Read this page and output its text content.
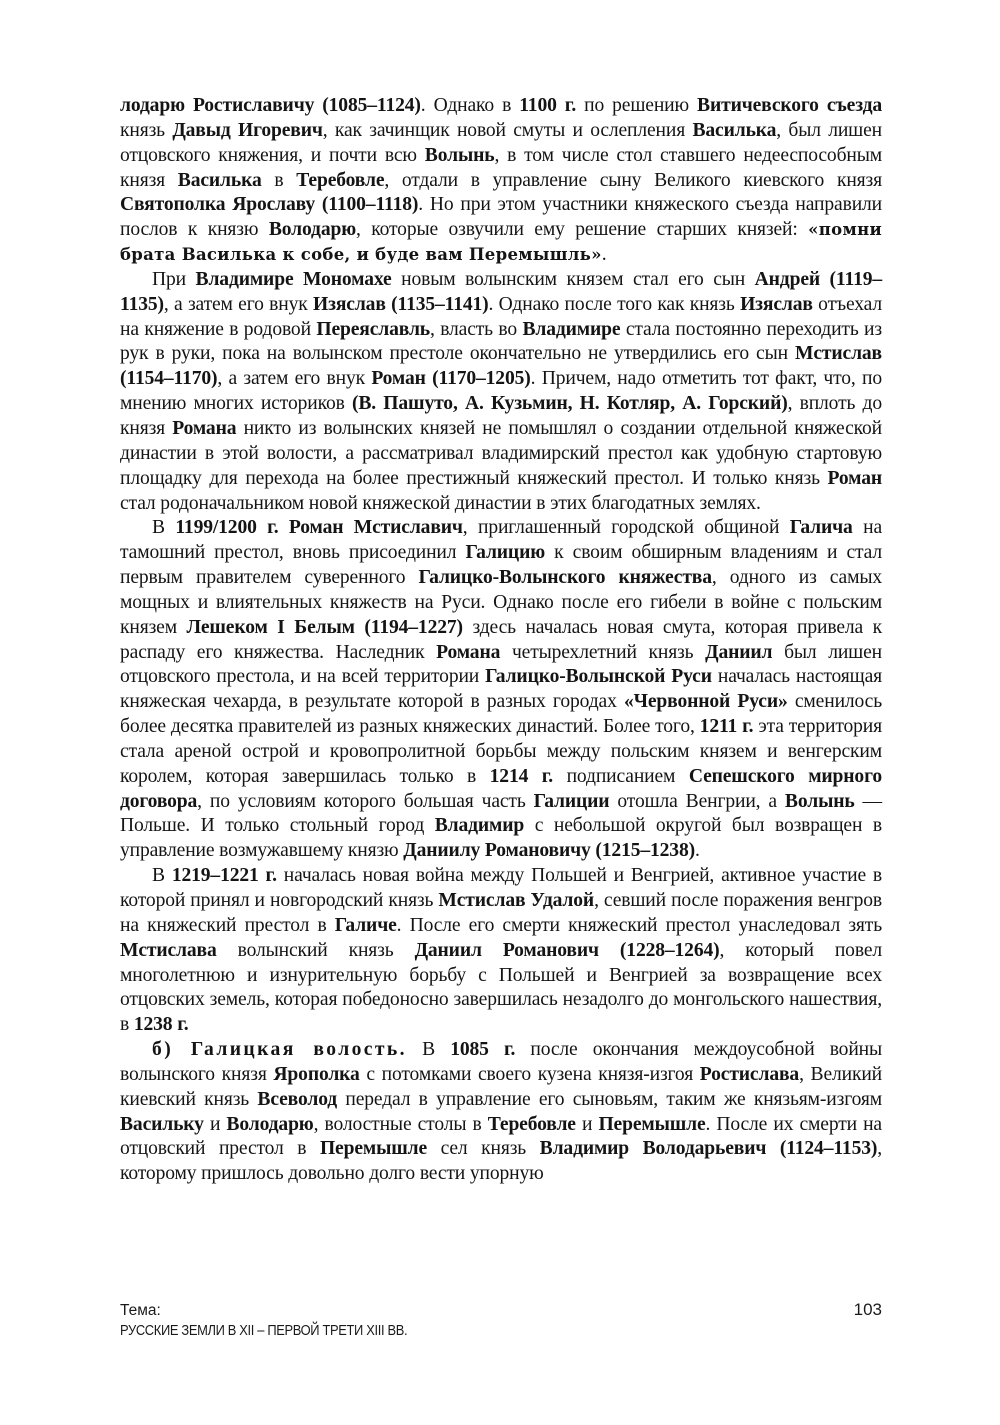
лодарю Ростиславичу (1085–1124). Однако в 1100 г. по решению Витичевского съезда князь Давыд Игоревич, как зачинщик новой смуты и ослепления Василька, был лишен отцовского княжения, и почти всю Волынь, в том числе стол ставшего недееспособным князя Василька в Теребовле, отдали в управление сыну Великого киевского князя Святополка Ярославу (1100–1118). Но при этом участники княжеского съезда направили послов к князю Володарю, которые озвучили ему решение старших князей: «помни брата Василька к собе, и буде вам Перемышль».

При Владимире Мономахе новым волынским князем стал его сын Андрей (1119–1135), а затем его внук Изяслав (1135–1141). Однако после того как князь Изяслав отъехал на княжение в родовой Переяславль, власть во Владимире стала постоянно переходить из рук в руки, пока на волынском престоле окончательно не утвердились его сын Мстислав (1154–1170), а затем его внук Роман (1170–1205). Причем, надо отметить тот факт, что, по мнению многих историков (В. Пашуто, А. Кузьмин, Н. Котляр, А. Горский), вплоть до князя Романа никто из волынских князей не помышлял о создании отдельной княжеской династии в этой волости, а рассматривал владимирский престол как удобную стартовую площадку для перехода на более престижный княжеский престол. И только князь Роман стал родоначальником новой княжеской династии в этих благодатных землях.

В 1199/1200 г. Роман Мстиславич, приглашенный городской общиной Галича на тамошний престол, вновь присоединил Галицию к своим обширным владениям и стал первым правителем суверенного Галицко-Волынского княжества, одного из самых мощных и влиятельных княжеств на Руси. Однако после его гибели в войне с польским князем Лешеком I Белым (1194–1227) здесь началась новая смута, которая привела к распаду его княжества. Наследник Романа четырехлетний князь Даниил был лишен отцовского престола, и на всей территории Галицко-Волынской Руси началась настоящая княжеская чехарда, в результате которой в разных городах «Червонной Руси» сменилось более десятка правителей из разных княжеских династий. Более того, 1211 г. эта территория стала ареной острой и кровопролитной борьбы между польским князем и венгерским королем, которая завершилась только в 1214 г. подписанием Сепешского мирного договора, по условиям которого большая часть Галиции отошла Венгрии, а Волынь — Польше. И только стольный город Владимир с небольшой округой был возвращен в управление возмужавшему князю Даниилу Романовичу (1215–1238).

В 1219–1221 г. началась новая война между Польшей и Венгрией, активное участие в которой принял и новгородский князь Мстислав Удалой, севший после поражения венгров на княжеский престол в Галиче. После его смерти княжеский престол унаследовал зять Мстислава волынский князь Даниил Романович (1228–1264), который повел многолетнюю и изнурительную борьбу с Польшей и Венгрией за возвращение всех отцовских земель, которая победоносно завершилась незадолго до монгольского нашествия, в 1238 г.

б) Галицкая волость. В 1085 г. после окончания междоусобной войны волынского князя Ярополка с потомками своего кузена князя-изгоя Ростислава, Великий киевский князь Всеволод передал в управление его сыновьям, таким же князьям-изгоям Васильку и Володарю, волостные столы в Теребовле и Перемышле. После их смерти на отцовский престол в Перемышле сел князь Владимир Володарьевич (1124–1153), которому пришлось довольно долго вести упорную

Тема:
РУССКИЕ ЗЕМЛИ В XII – ПЕРВОЙ ТРЕТИ XIII ВВ.
103
